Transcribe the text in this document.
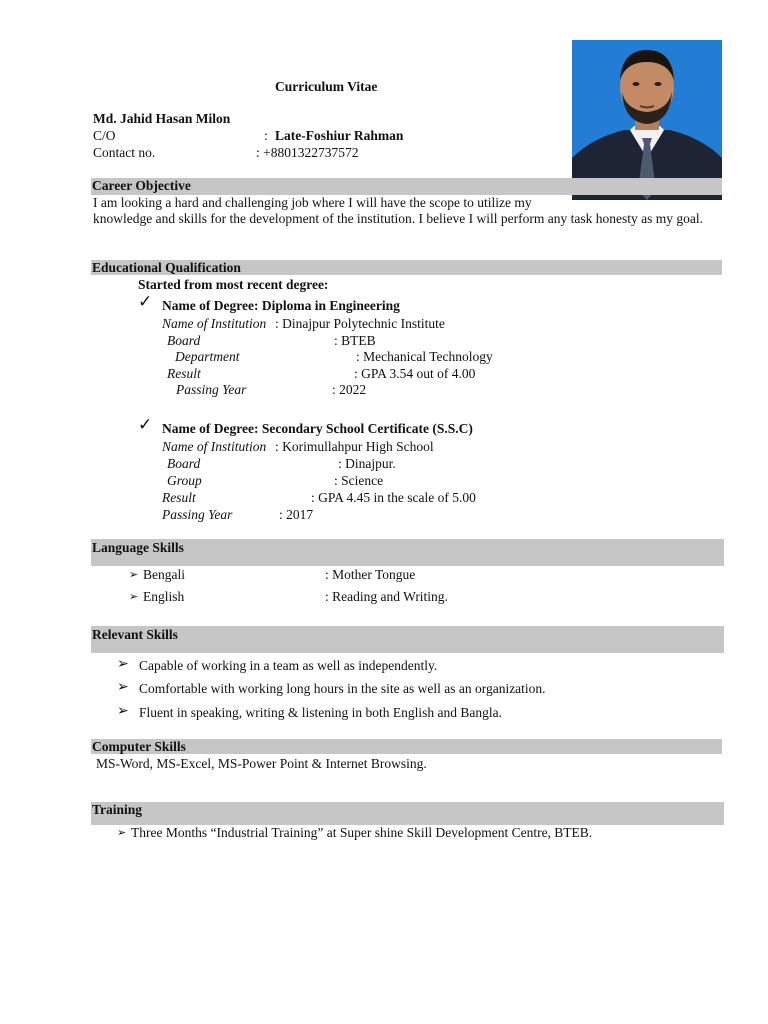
Curriculum Vitae
Md. Jahid Hasan Milon
C/O	: Late-Foshiur Rahman
Contact no.	: +8801322737572
Career Objective
I am looking a hard and challenging job where I will have the scope to utilize my
knowledge and skills for the development of the institution. I believe I will perform any task honesty as my goal.
Educational Qualification
Started from most recent degree:
✓ Name of Degree: Diploma in Engineering
Name of Institution : Dinajpur Polytechnic Institute
Board	: BTEB
Department	: Mechanical Technology
Result	: GPA 3.54 out of 4.00
Passing Year	: 2022
✓ Name of Degree: Secondary School Certificate (S.S.C)
Name of Institution : Korimullahpur High School
Board	: Dinajpur.
Group	: Science
Result	: GPA 4.45 in the scale of 5.00
Passing Year	: 2017
Language Skills
➢ Bengali	: Mother Tongue
➢ English	: Reading and Writing.
Relevant Skills
➢ Capable of working in a team as well as independently.
➢ Comfortable with working long hours in the site as well as an organization.
➢ Fluent in speaking, writing & listening in both English and Bangla.
Computer Skills
MS-Word, MS-Excel, MS-Power Point & Internet Browsing.
Training
➢ Three Months “Industrial Training” at Super shine Skill Development Centre, BTEB.
